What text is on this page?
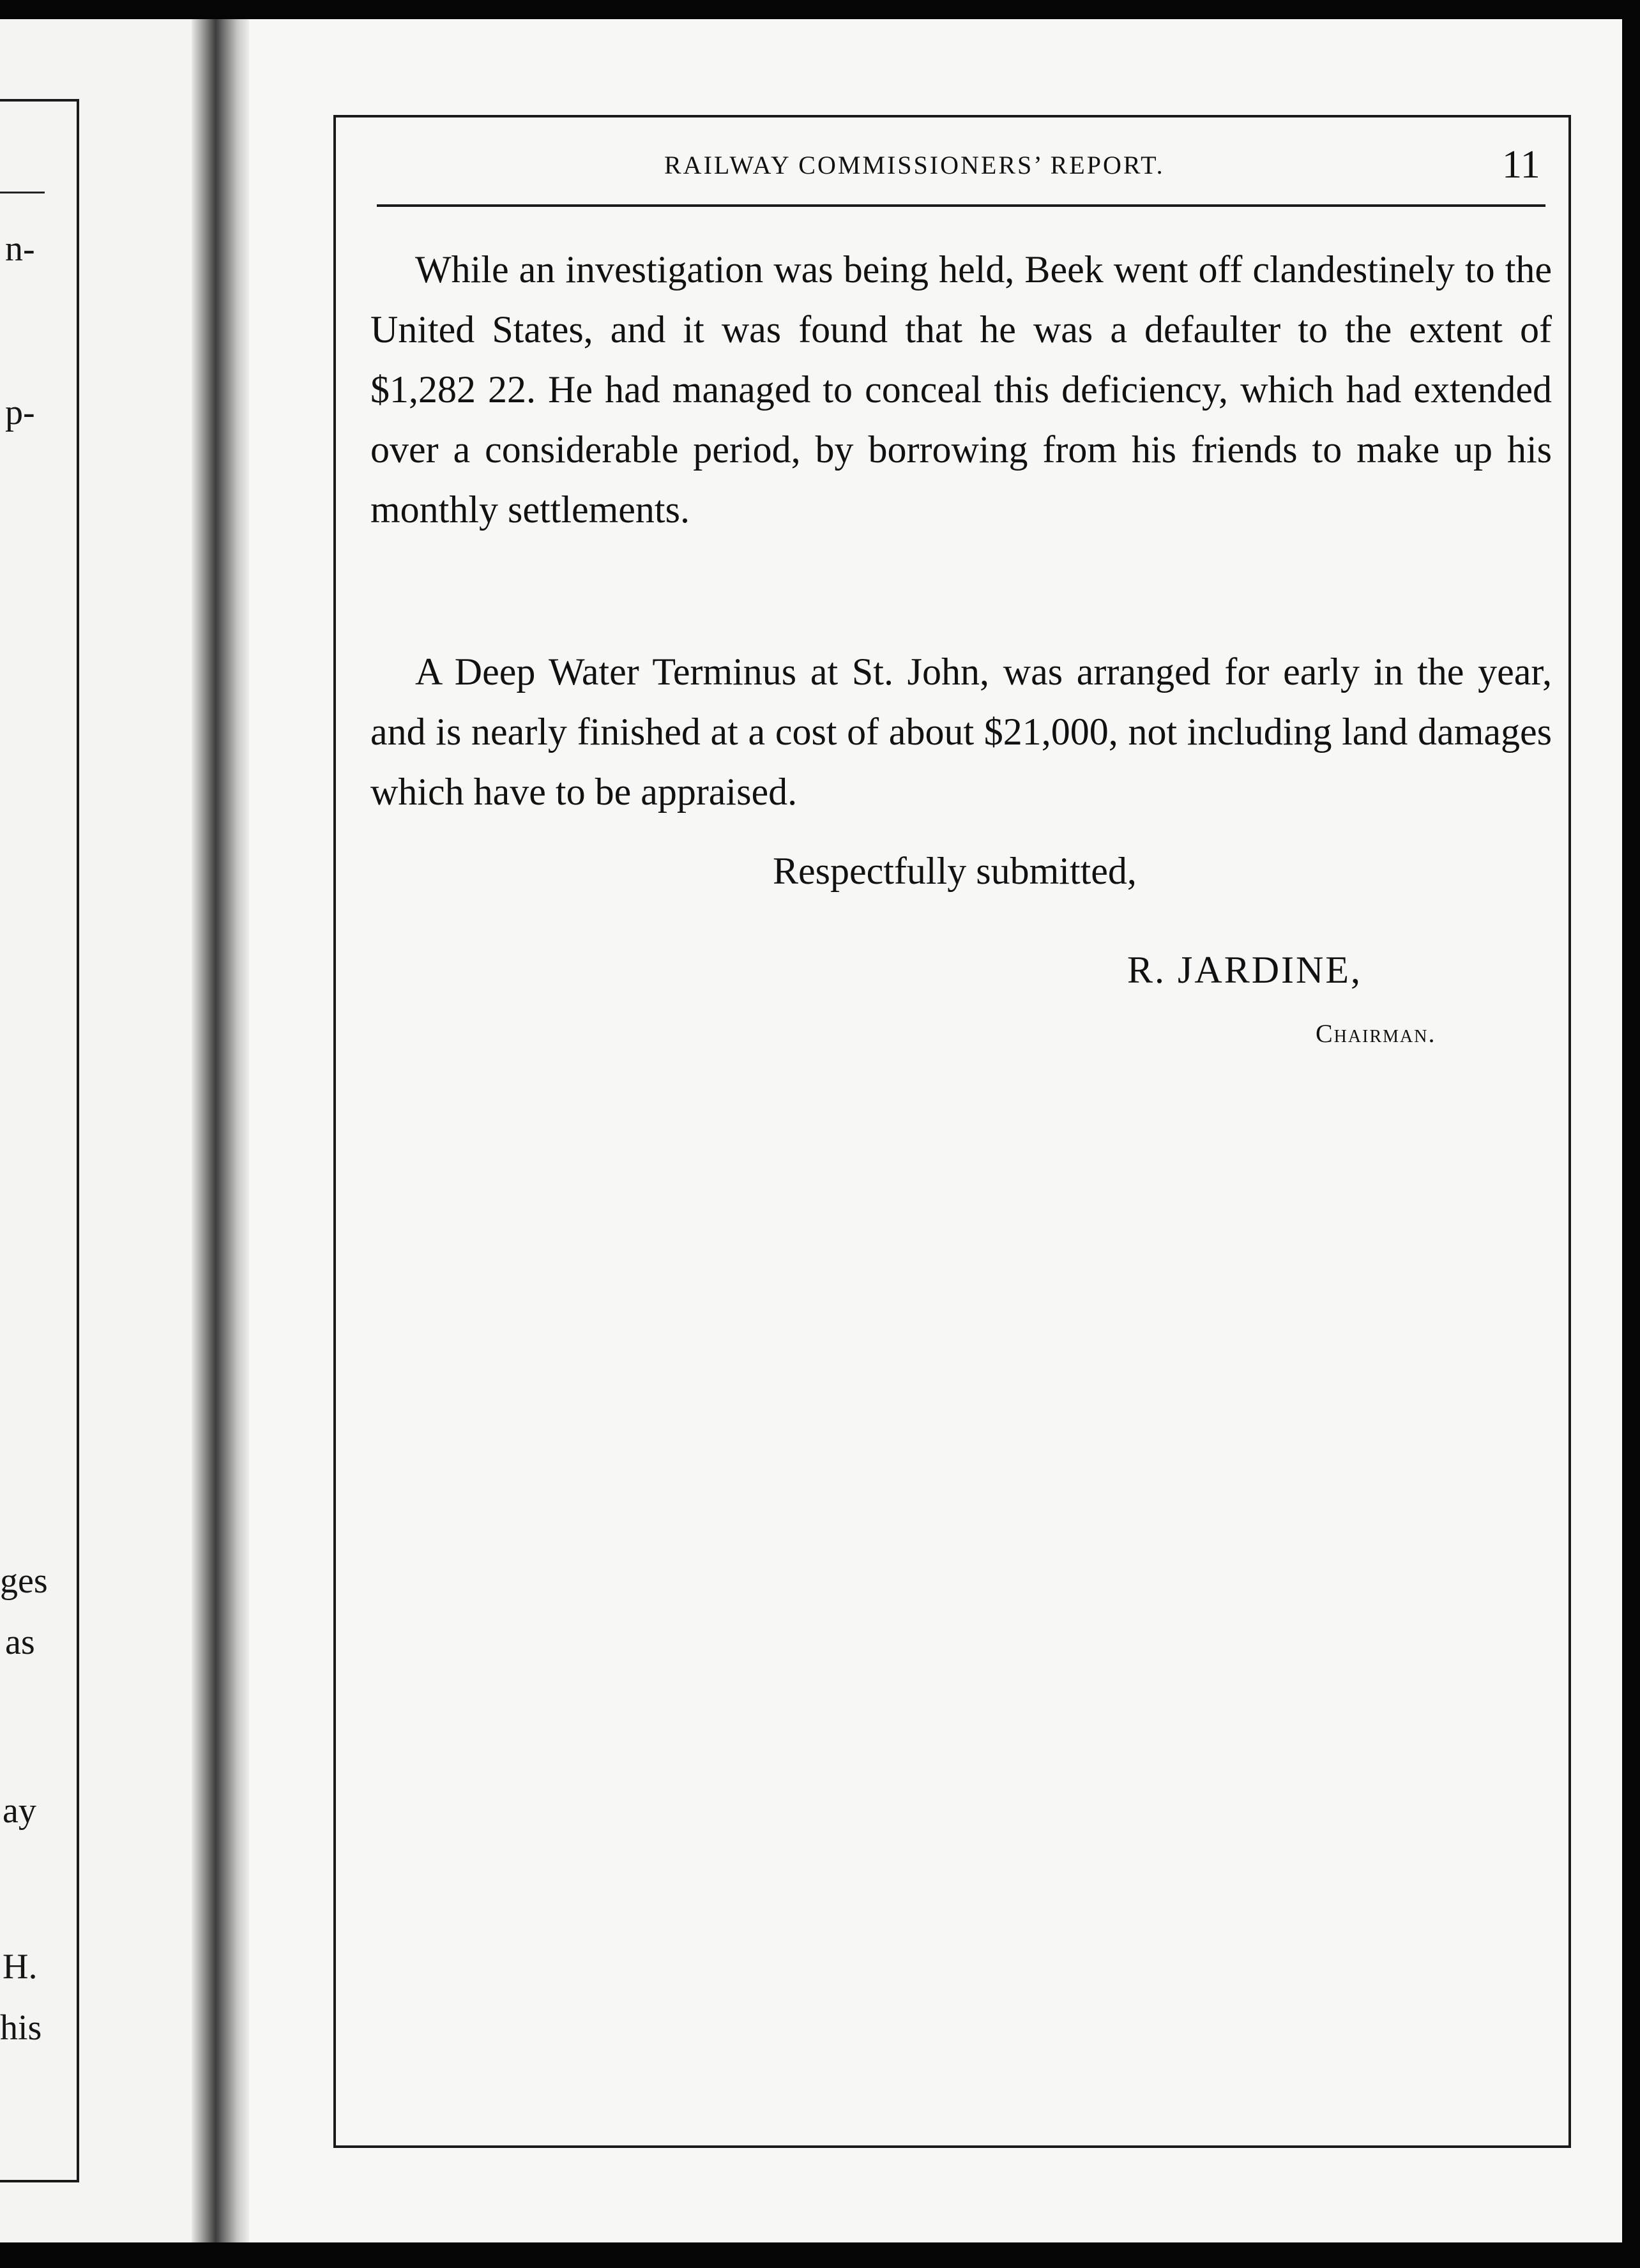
n-
p-
ges
as
ay
H.
his
RAILWAY COMMISSIONERS’ REPORT.	11

While an investigation was being held, Beek went off clandestinely to the United States, and it was found that he was a defaulter to the extent of $1,282 22. He had managed to conceal this deficiency, which had extended over a considerable period, by borrowing from his friends to make up his monthly settlements.

A Deep Water Terminus at St. John, was arranged for early in the year, and is nearly finished at a cost of about $21,000, not including land damages which have to be appraised.

Respectfully submitted,
R. JARDINE,
Chairman.
